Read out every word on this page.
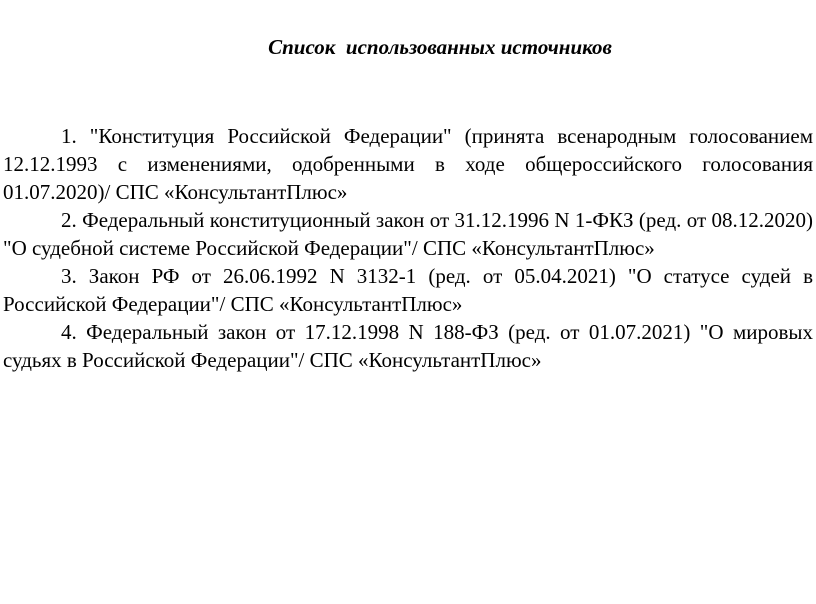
Список  использованных источников

1. "Конституция Российской Федерации" (принята всенародным голосованием 12.12.1993 с изменениями, одобренными в ходе общероссийского голосования 01.07.2020)/ СПС «КонсультантПлюс»

2. Федеральный конституционный закон от 31.12.1996 N 1-ФКЗ (ред. от 08.12.2020) "О судебной системе Российской Федерации"/ СПС «КонсультантПлюс»

3. Закон РФ от 26.06.1992 N 3132-1 (ред. от 05.04.2021) "О статусе судей в Российской Федерации"/ СПС «КонсультантПлюс»

4. Федеральный закон от 17.12.1998 N 188-ФЗ (ред. от 01.07.2021) "О мировых судьях в Российской Федерации"/ СПС «КонсультантПлюс»
